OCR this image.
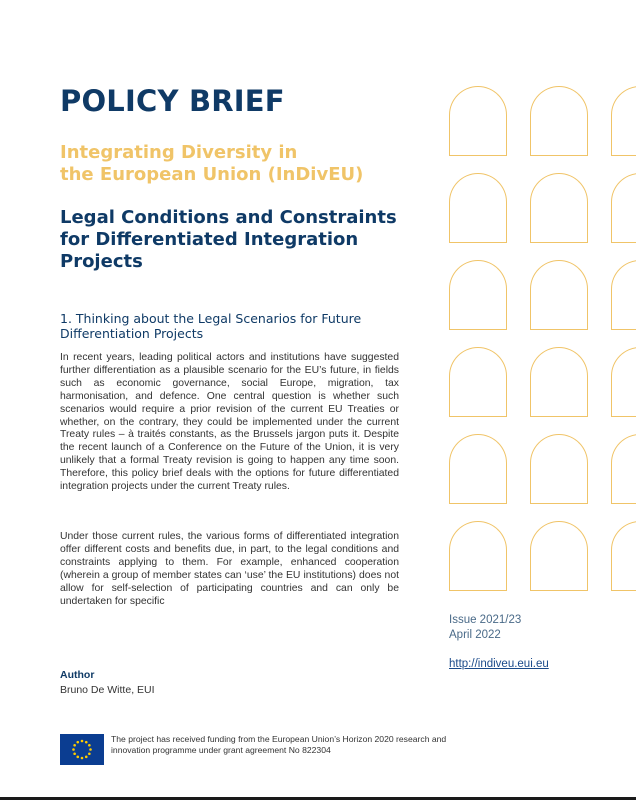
POLICY BRIEF
Integrating Diversity in
the European Union (InDivEU)
Legal Conditions and Constraints
for Differentiated Integration
Projects
1. Thinking about the Legal Scenarios for Future
Differentiation Projects

In recent years, leading political actors and institutions have suggested further differentiation as a plausible scenario for the EU’s future, in fields such as economic governance, social Europe, migration, tax harmonisation, and defence. One central question is whether such scenarios would require a prior revision of the current EU Treaties or whether, on the contrary, they could be implemented under the current Treaty rules – à traités constants, as the Brussels jargon puts it. Despite the recent launch of a Conference on the Future of the Union, it is very unlikely that a formal Treaty revision is going to happen any time soon. Therefore, this policy brief deals with the options for future differentiated integration projects under the current Treaty rules.

Under those current rules, the various forms of differentiated integration offer different costs and benefits due, in part, to the legal conditions and constraints applying to them. For example, enhanced cooperation (wherein a group of member states can ‘use’ the EU institutions) does not allow for self-selection of participating countries and can only be undertaken for specific

Author
Bruno De Witte, EUI
Issue 2021/23
April 2022
http://indiveu.eui.eu
The project has received funding from the European Union’s Horizon 2020 research and
innovation programme under grant agreement No 822304
